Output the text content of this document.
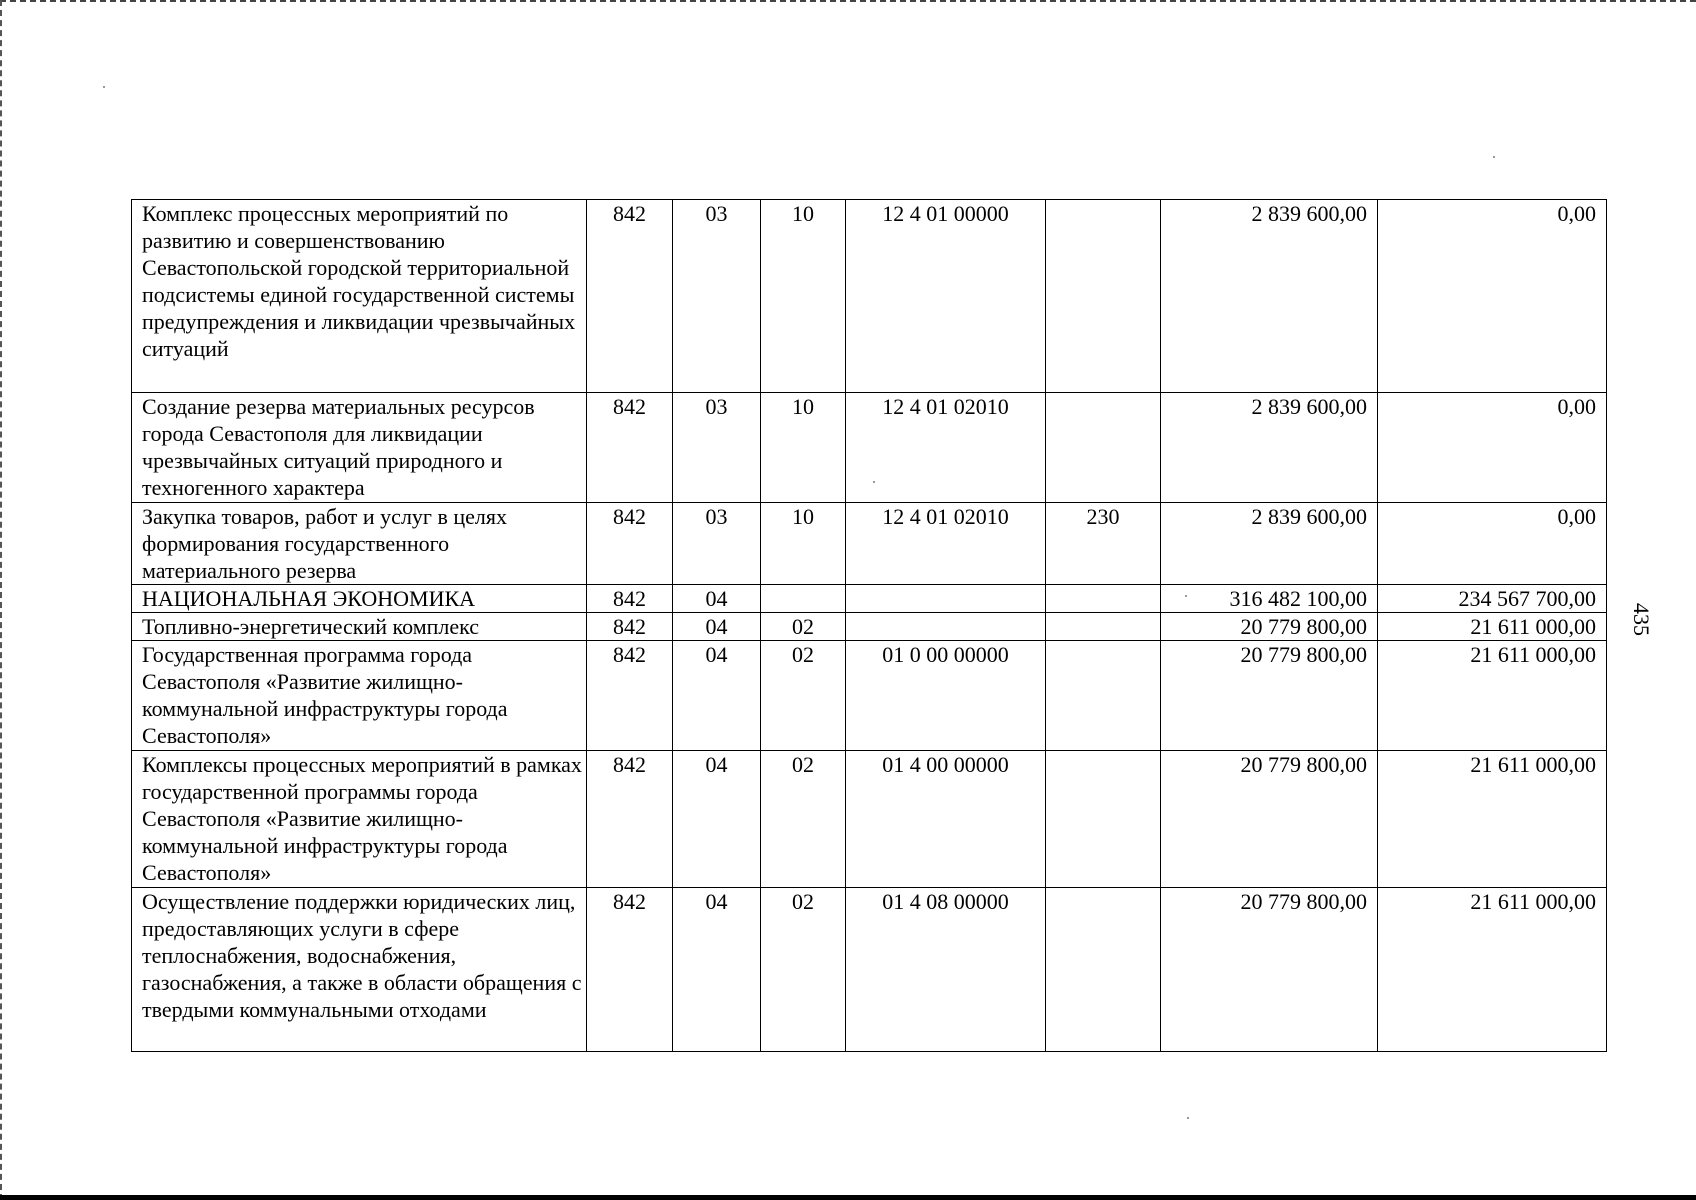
Комплекс процессных мероприятий по развитию и совершенствованию Севастопольской городской территориальной подсистемы единой государственной системы предупреждения и ликвидации чрезвычайных ситуаций	842	03	10	12 4 01 00000		2 839 600,00	0,00
Создание резерва материальных ресурсов города Севастополя для ликвидации чрезвычайных ситуаций природного и техногенного характера	842	03	10	12 4 01 02010		2 839 600,00	0,00
Закупка товаров, работ и услуг в целях формирования государственного материального резерва	842	03	10	12 4 01 02010	230	2 839 600,00	0,00
НАЦИОНАЛЬНАЯ ЭКОНОМИКА	842	04				316 482 100,00	234 567 700,00
Топливно-энергетический комплекс	842	04	02			20 779 800,00	21 611 000,00
Государственная программа города Севастополя «Развитие жилищно-коммунальной инфраструктуры города Севастополя»	842	04	02	01 0 00 00000		20 779 800,00	21 611 000,00
Комплексы процессных мероприятий в рамках государственной программы города Севастополя «Развитие жилищно-коммунальной инфраструктуры города Севастополя»	842	04	02	01 4 00 00000		20 779 800,00	21 611 000,00
Осуществление поддержки юридических лиц, предоставляющих услуги в сфере теплоснабжения, водоснабжения, газоснабжения, а также в области обращения с твердыми коммунальными отходами	842	04	02	01 4 08 00000		20 779 800,00	21 611 000,00
435
